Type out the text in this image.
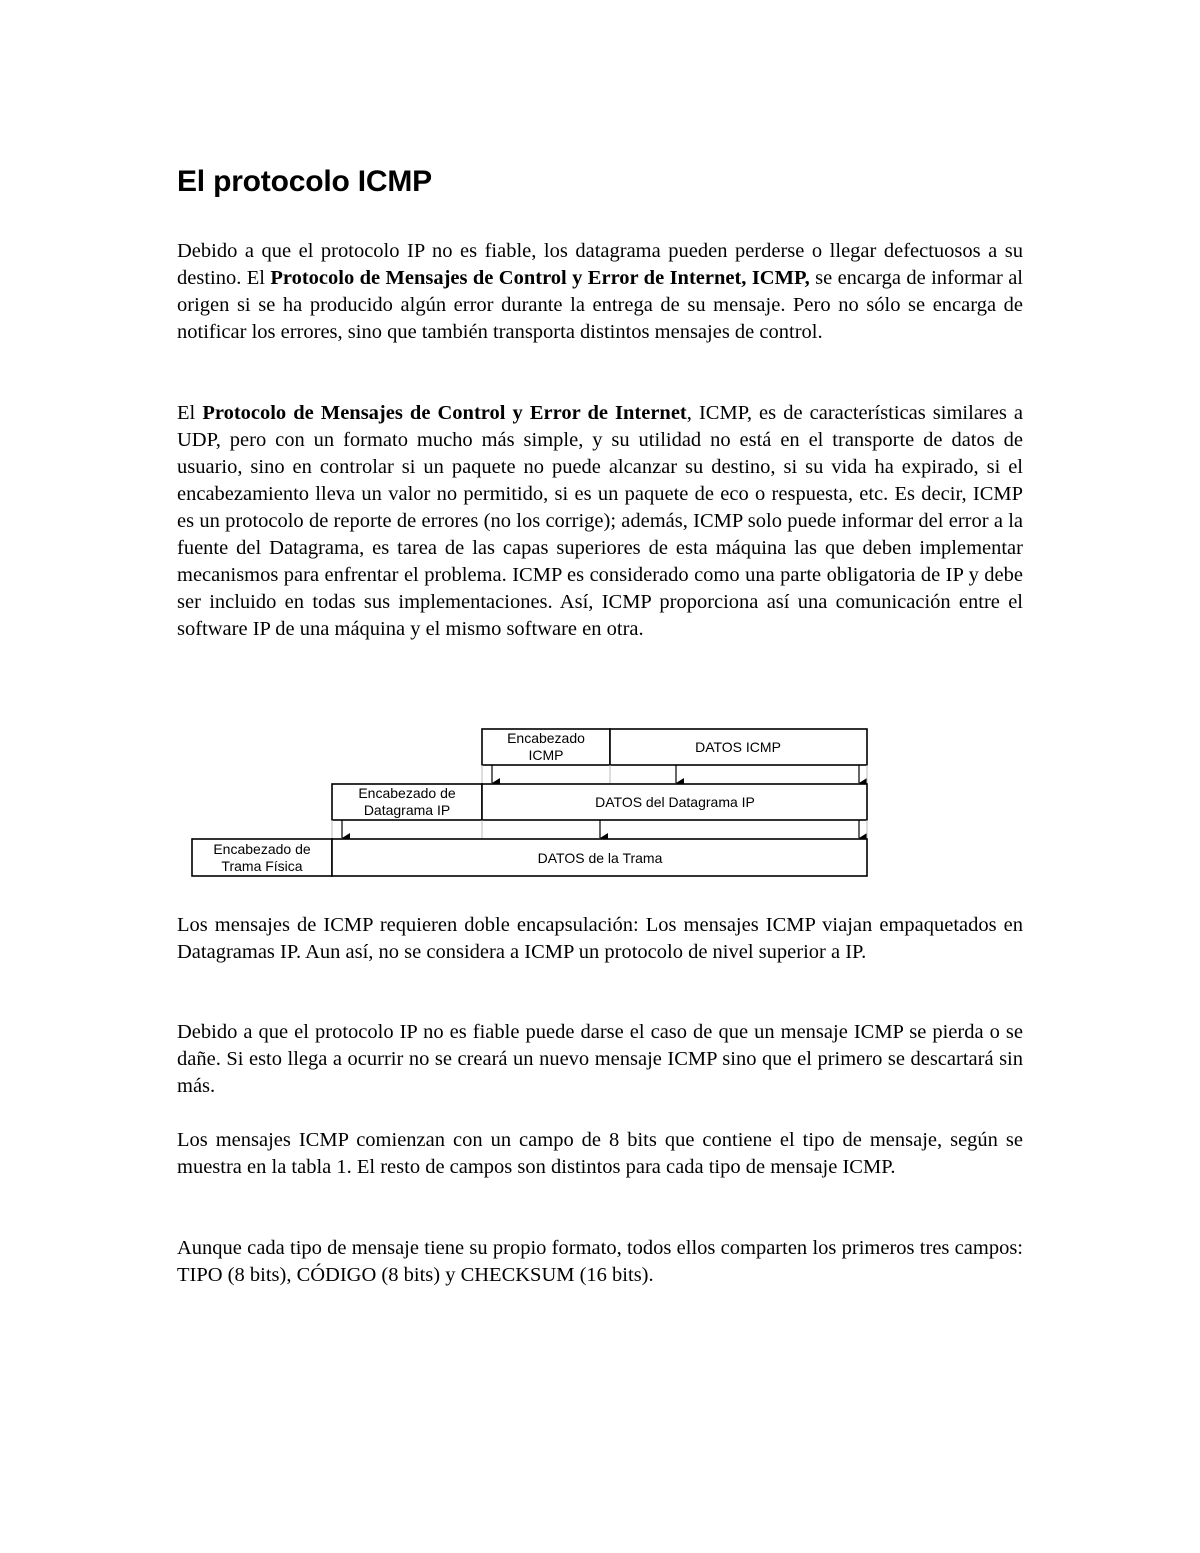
El protocolo ICMP

Debido a que el protocolo IP no es fiable, los datagrama pueden perderse o llegar defectuosos a su destino. El Protocolo de Mensajes de Control y Error de Internet, ICMP, se encarga de informar al origen si se ha producido algún error durante la entrega de su mensaje. Pero no sólo se encarga de notificar los errores, sino que también transporta distintos mensajes de control.

El Protocolo de Mensajes de Control y Error de Internet, ICMP, es de características similares a UDP, pero con un formato mucho más simple, y su utilidad no está en el transporte de datos de usuario, sino en controlar si un paquete no puede alcanzar su destino, si su vida ha expirado, si el encabezamiento lleva un valor no permitido, si es un paquete de eco o respuesta, etc. Es decir, ICMP es un protocolo de reporte de errores (no los corrige); además, ICMP solo puede informar del error a la fuente del Datagrama, es tarea de las capas superiores de esta máquina las que deben implementar mecanismos para enfrentar el problema. ICMP es considerado como una parte obligatoria de IP y debe ser incluido en todas sus implementaciones. Así, ICMP proporciona así una comunicación entre el software IP de una máquina y el mismo software en otra.

Encabezado
ICMP	DATOS ICMP
Encabezado de
Datagrama IP	DATOS del Datagrama IP
Encabezado de
Trama Física	DATOS de la Trama

Los mensajes de ICMP requieren doble encapsulación: Los mensajes ICMP viajan empaquetados en Datagramas IP. Aun así, no se considera a ICMP un protocolo de nivel superior a IP.

Debido a que el protocolo IP no es fiable puede darse el caso de que un mensaje ICMP se pierda o se dañe. Si esto llega a ocurrir no se creará un nuevo mensaje ICMP sino que el primero se descartará sin más.

Los mensajes ICMP comienzan con un campo de 8 bits que contiene el tipo de mensaje, según se muestra en la tabla 1. El resto de campos son distintos para cada tipo de mensaje ICMP.

Aunque cada tipo de mensaje tiene su propio formato, todos ellos comparten los primeros tres campos: TIPO (8 bits), CÓDIGO (8 bits) y CHECKSUM (16 bits).
